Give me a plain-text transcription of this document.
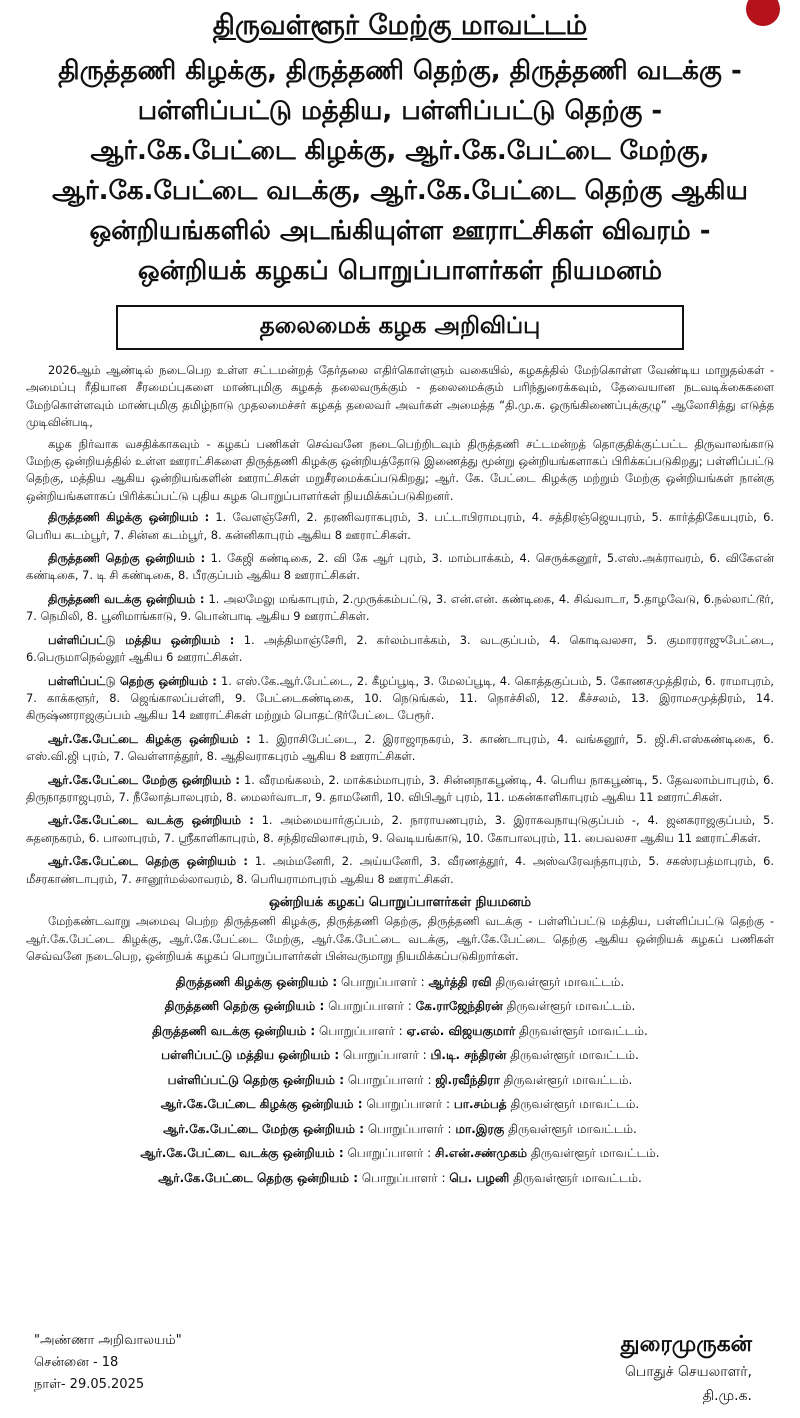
திருவள்ளூர் மேற்கு மாவட்டம்
திருத்தணி கிழக்கு, திருத்தணி தெற்கு, திருத்தணி வடக்கு - பள்ளிப்பட்டு மத்திய, பள்ளிப்பட்டு தெற்கு - ஆர்.கே.பேட்டை கிழக்கு, ஆர்.கே.பேட்டை மேற்கு, ஆர்.கே.பேட்டை வடக்கு, ஆர்.கே.பேட்டை தெற்கு ஆகிய ஒன்றியங்களில் அடங்கியுள்ள ஊராட்சிகள் விவரம் - ஒன்றியக் கழகப் பொறுப்பாளர்கள் நியமனம்
தலைமைக் கழக அறிவிப்பு

2026ஆம் ஆண்டில் நடைபெற உள்ள சட்டமன்றத் தேர்தலை எதிர்கொள்ளும் வகையில், கழகத்தில் மேற்கொள்ள வேண்டிய மாறுதல்கள் - அமைப்பு ரீதியான சீரமைப்புகளை மாண்புமிகு கழகத் தலைவருக்கும் - தலைமைக்கும் பரிந்துரைக்கவும், தேவையான நடவடிக்கைகளை மேற்கொள்ளவும் மாண்புமிகு தமிழ்நாடு முதலமைச்சர் கழகத் தலைவர் அவர்கள் அமைத்த “தி.மு.க. ஒருங்கிணைப்புக்குழு” ஆலோசித்து எடுத்த முடிவின்படி,

கழக நிர்வாக வசதிக்காகவும் - கழகப் பணிகள் செவ்வனே நடைபெற்றிடவும் திருத்தணி சட்டமன்றத் தொகுதிக்குட்பட்ட திருவாலங்காடு மேற்கு ஒன்றியத்தில் உள்ள ஊராட்சிகளை திருத்தணி கிழக்கு ஒன்றியத்தோடு இணைத்து மூன்று ஒன்றியங்களாகப் பிரிக்கப்படுகிறது; பள்ளிப்பட்டு தெற்கு, மத்திய ஆகிய ஒன்றியங்களின் ஊராட்சிகள் மறுசீரமைக்கப்படுகிறது; ஆர். கே. பேட்டை கிழக்கு மற்றும் மேற்கு ஒன்றியங்கள் நான்கு ஒன்றியங்களாகப் பிரிக்கப்பட்டு புதிய கழக பொறுப்பாளர்கள் நியமிக்கப்படுகிறனர்.

திருத்தணி கிழக்கு ஒன்றியம் : 1. வேளஞ்சேரி, 2. தரணிவராகபுரம், 3. பட்டாபிராமபுரம், 4. சத்திரஞ்ஜெயபுரம், 5. கார்த்திகேயபுரம், 6. பெரிய கடம்பூர், 7. சின்ன கடம்பூர், 8. கன்னிகாபுரம் ஆகிய 8 ஊராட்சிகள்.

திருத்தணி தெற்கு ஒன்றியம் : 1. கேஜி கண்டிகை, 2. வி கே ஆர் புரம், 3. மாம்பாக்கம், 4. செருக்கனூர், 5.எஸ்.அக்ராவரம், 6. விகேஎன் கண்டிகை, 7. டி சி கண்டிகை, 8. பீரகுப்பம் ஆகிய 8 ஊராட்சிகள்.

திருத்தணி வடக்கு ஒன்றியம் : 1. அலமேலு மங்காபுரம், 2.முருக்கம்பட்டு, 3. என்.என். கண்டிகை, 4. சிவ்வாடா, 5.தாழவேடு, 6.நல்லாட்டூர், 7. நெமிலி, 8. பூனிமாங்காடு, 9. பொன்பாடி ஆகிய 9 ஊராட்சிகள்.

பள்ளிப்பட்டு மத்திய ஒன்றியம் : 1. அத்திமாஞ்சேரி, 2. கர்லம்பாக்கம், 3. வடகுப்பம், 4. கொடிவலசா, 5. குமாரராஜுபேட்டை, 6.பெருமாநெல்லூர் ஆகிய 6 ஊராட்சிகள்.

பள்ளிப்பட்டு தெற்கு ஒன்றியம் : 1. எஸ்.கே.ஆர்.பேட்டை, 2. கீழப்பூடி, 3. மேலப்பூடி, 4. கொத்தகுப்பம், 5. கோணசமுத்திரம், 6. ராமாபுரம், 7. காக்களூர், 8. ஜெங்காலப்பள்ளி, 9. பேட்டைகண்டிகை, 10. நெடுங்கல், 11. நொச்சிலி, 12. கீச்சலம், 13. இராமசமுத்திரம், 14. கிருஷ்ணராஜகுப்பம் ஆகிய 14 ஊராட்சிகள் மற்றும் பொதட்டூர்பேட்டை பேரூர்.

ஆர்.கே.பேட்டை கிழக்கு ஒன்றியம் : 1. இராசிபேட்டை, 2. இராஜாநகரம், 3. காண்டாபுரம், 4. வங்கனூர், 5. ஜி.சி.எஸ்கண்டிகை, 6. எஸ்.வி.ஜி புரம், 7. வெள்ளாத்தூர், 8. ஆதிவராகபுரம் ஆகிய 8 ஊராட்சிகள்.

ஆர்.கே.பேட்டை மேற்கு ஒன்றியம் : 1. வீரமங்கலம், 2. மாக்கம்மாபுரம், 3. சின்னநாகபூண்டி, 4. பெரிய நாகபூண்டி, 5. தேவலாம்பாபுரம், 6. திருநாதராஜபுரம், 7. நீலோத்பாலபுரம், 8. மைலர்வாடா, 9. தாமனேரி, 10. விபிஆர் புரம், 11. மகன்காளிகாபுரம் ஆகிய 11 ஊராட்சிகள்.

ஆர்.கே.பேட்டை வடக்கு ஒன்றியம் : 1. அம்மையார்குப்பம், 2. நாராயணபுரம், 3. இராகவநாயுடுகுப்பம் -, 4. ஜனகராஜகுப்பம், 5. சுதனநகரம், 6. பாலாபுரம், 7. ஸ்ரீகாளிகாபுரம், 8. சந்திரவிலாசபுரம், 9. வெடியங்காடு, 10. கோபாலபுரம், 11. பைவலசா ஆகிய 11 ஊராட்சிகள்.

ஆர்.கே.பேட்டை தெற்கு ஒன்றியம் : 1. அம்மனேரி, 2. அய்யனேரி, 3. வீரணத்தூர், 4. அஸ்வரேவந்தாபுரம், 5. சகஸ்ரபத்மாபுரம், 6. மீசரகாண்டாபுரம், 7. சானூர்மல்லாவரம், 8. பெரியராமாபுரம் ஆகிய 8 ஊராட்சிகள்.

ஒன்றியக் கழகப் பொறுப்பாளர்கள் நியமனம்

மேற்கண்டவாறு அமைவு பெற்ற திருத்தணி கிழக்கு, திருத்தணி தெற்கு, திருத்தணி வடக்கு - பள்ளிப்பட்டு மத்திய, பள்ளிப்பட்டு தெற்கு - ஆர்.கே.பேட்டை கிழக்கு, ஆர்.கே.பேட்டை மேற்கு, ஆர்.கே.பேட்டை வடக்கு, ஆர்.கே.பேட்டை தெற்கு ஆகிய ஒன்றியக் கழகப் பணிகள் செவ்வனே நடைபெற, ஒன்றியக் கழகப் பொறுப்பாளர்கள் பின்வருமாறு நியமிக்கப்படுகிறார்கள்.

திருத்தணி கிழக்கு ஒன்றியம் : பொறுப்பாளர் : ஆர்த்தி ரவி திருவள்ளூர் மாவட்டம்.
திருத்தணி தெற்கு ஒன்றியம் : பொறுப்பாளர் : கே.ராஜேந்திரன் திருவள்ளூர் மாவட்டம்.
திருத்தணி வடக்கு ஒன்றியம் : பொறுப்பாளர் : ஏ.எல். விஜயகுமார் திருவள்ளூர் மாவட்டம்.
பள்ளிப்பட்டு மத்திய ஒன்றியம் : பொறுப்பாளர் : பி.டி. சந்திரன் திருவள்ளூர் மாவட்டம்.
பள்ளிப்பட்டு தெற்கு ஒன்றியம் : பொறுப்பாளர் : ஜி.ரவீந்திரா திருவள்ளூர் மாவட்டம்.
ஆர்.கே.பேட்டை கிழக்கு ஒன்றியம் : பொறுப்பாளர் : பா.சம்பத் திருவள்ளூர் மாவட்டம்.
ஆர்.கே.பேட்டை மேற்கு ஒன்றியம் : பொறுப்பாளர் : மா.இரகு திருவள்ளூர் மாவட்டம்.
ஆர்.கே.பேட்டை வடக்கு ஒன்றியம் : பொறுப்பாளர் : சி.என்.சண்முகம் திருவள்ளூர் மாவட்டம்.
ஆர்.கே.பேட்டை தெற்கு ஒன்றியம் : பொறுப்பாளர் : பெ. பழனி திருவள்ளூர் மாவட்டம்.
"அண்ணா அறிவாலயம்"
சென்னை - 18
நாள்- 29.05.2025
துரைமுருகன்
பொதுச் செயலாளர்,
தி.மு.க.
